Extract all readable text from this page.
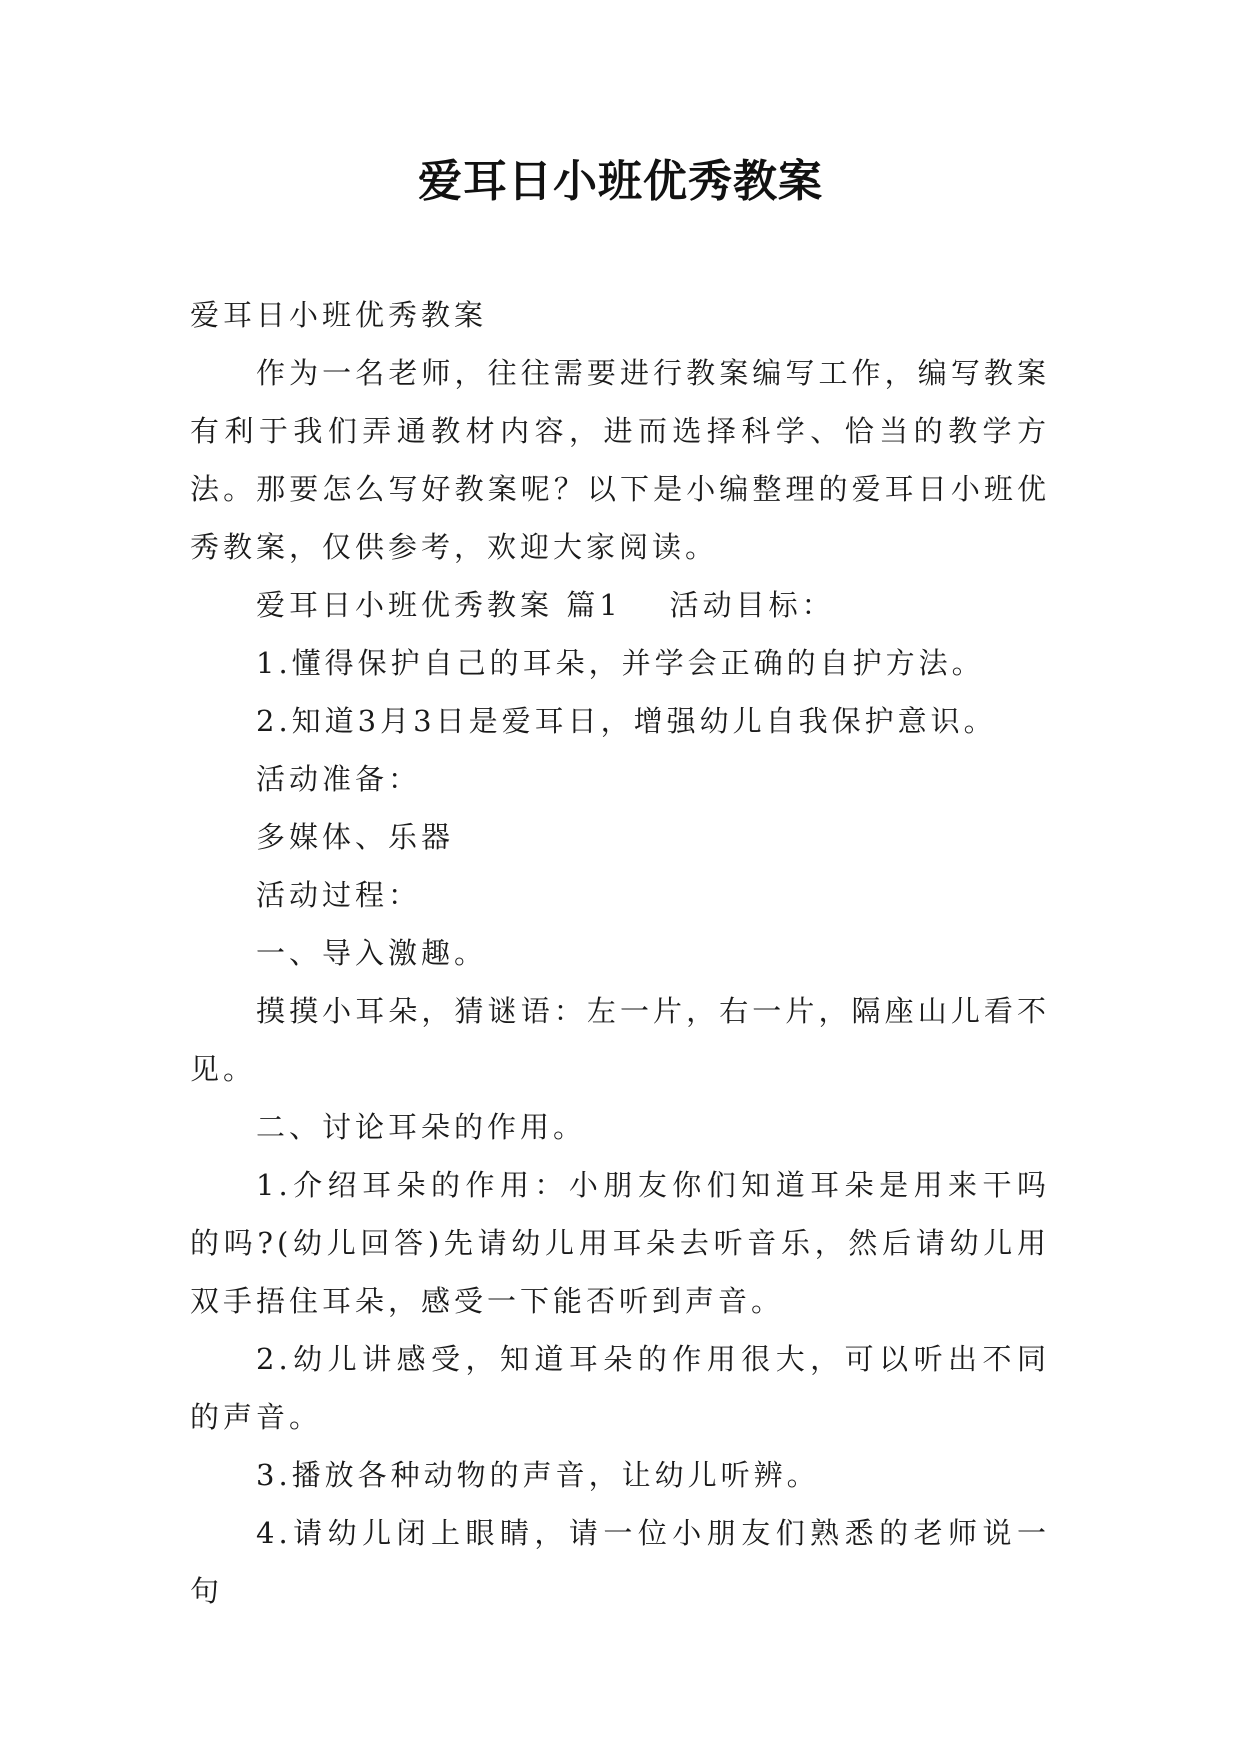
爱耳日小班优秀教案

爱耳日小班优秀教案

作为一名老师，往往需要进行教案编写工作，编写教案有利于我们弄通教材内容，进而选择科学、恰当的教学方法。那要怎么写好教案呢？以下是小编整理的爱耳日小班优秀教案，仅供参考，欢迎大家阅读。

爱耳日小班优秀教案 篇1 活动目标：

1.懂得保护自己的耳朵，并学会正确的自护方法。

2.知道3月3日是爱耳日，增强幼儿自我保护意识。

活动准备：

多媒体、乐器

活动过程：

一、导入激趣。

摸摸小耳朵，猜谜语：左一片，右一片，隔座山儿看不见。

二、讨论耳朵的作用。

1.介绍耳朵的作用：小朋友你们知道耳朵是用来干吗的吗?(幼儿回答)先请幼儿用耳朵去听音乐，然后请幼儿用双手捂住耳朵，感受一下能否听到声音。

2.幼儿讲感受，知道耳朵的作用很大，可以听出不同的声音。

3.播放各种动物的声音，让幼儿听辨。

4.请幼儿闭上眼睛，请一位小朋友们熟悉的老师说一句
